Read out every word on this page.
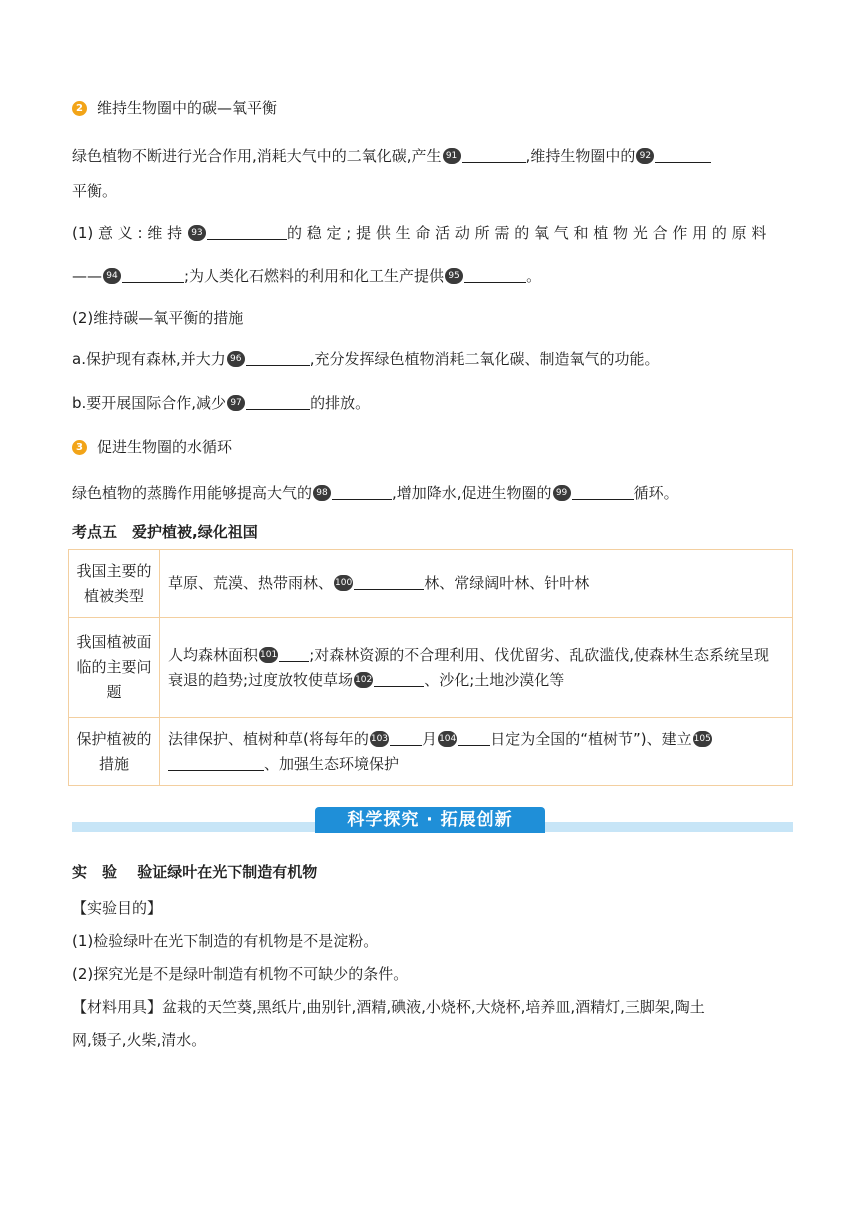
2 维持生物圈中的碳—氧平衡
绿色植物不断进行光合作用,消耗大气中的二氧化碳,产生 91	,维持生物圈中的 92
平衡。
(1) 意 义 : 维 持 93	的 稳 定 ; 提 供 生 命 活 动 所 需 的 氧 气 和 植 物 光 合 作 用 的 原 料
—— 94	;为人类化石燃料的利用和化工生产提供 95	。
(2)维持碳—氧平衡的措施
a.保护现有森林,并大力 96	,充分发挥绿色植物消耗二氧化碳、制造氧气的功能。
b.要开展国际合作,减少 97	的排放。
3 促进生物圈的水循环
绿色植物的蒸腾作用能够提高大气的 98	,增加降水,促进生物圈的 99	循环。
考点五　爱护植被,绿化祖国
我国主要的植被类型	草原、荒漠、热带雨林、 100 林、常绿阔叶林、针叶林
我国植被面临的主要问题	人均森林面积 101 ;对森林资源的不合理利用、伐优留劣、乱砍滥伐,使森林生态系统呈现衰退的趋势;过度放牧使草场 102 、沙化;土地沙漠化等
保护植被的措施	法律保护、植树种草(将每年的 103 月 104 日定为全国的“植树节”)、建立 105、加强生态环境保护
科学探究 · 拓展创新
实　验　 验证绿叶在光下制造有机物
【实验目的】
(1)检验绿叶在光下制造的有机物是不是淀粉。
(2)探究光是不是绿叶制造有机物不可缺少的条件。
【材料用具】盆栽的天竺葵,黑纸片,曲别针,酒精,碘液,小烧杯,大烧杯,培养皿,酒精灯,三脚架,陶土
网,镊子,火柴,清水。
